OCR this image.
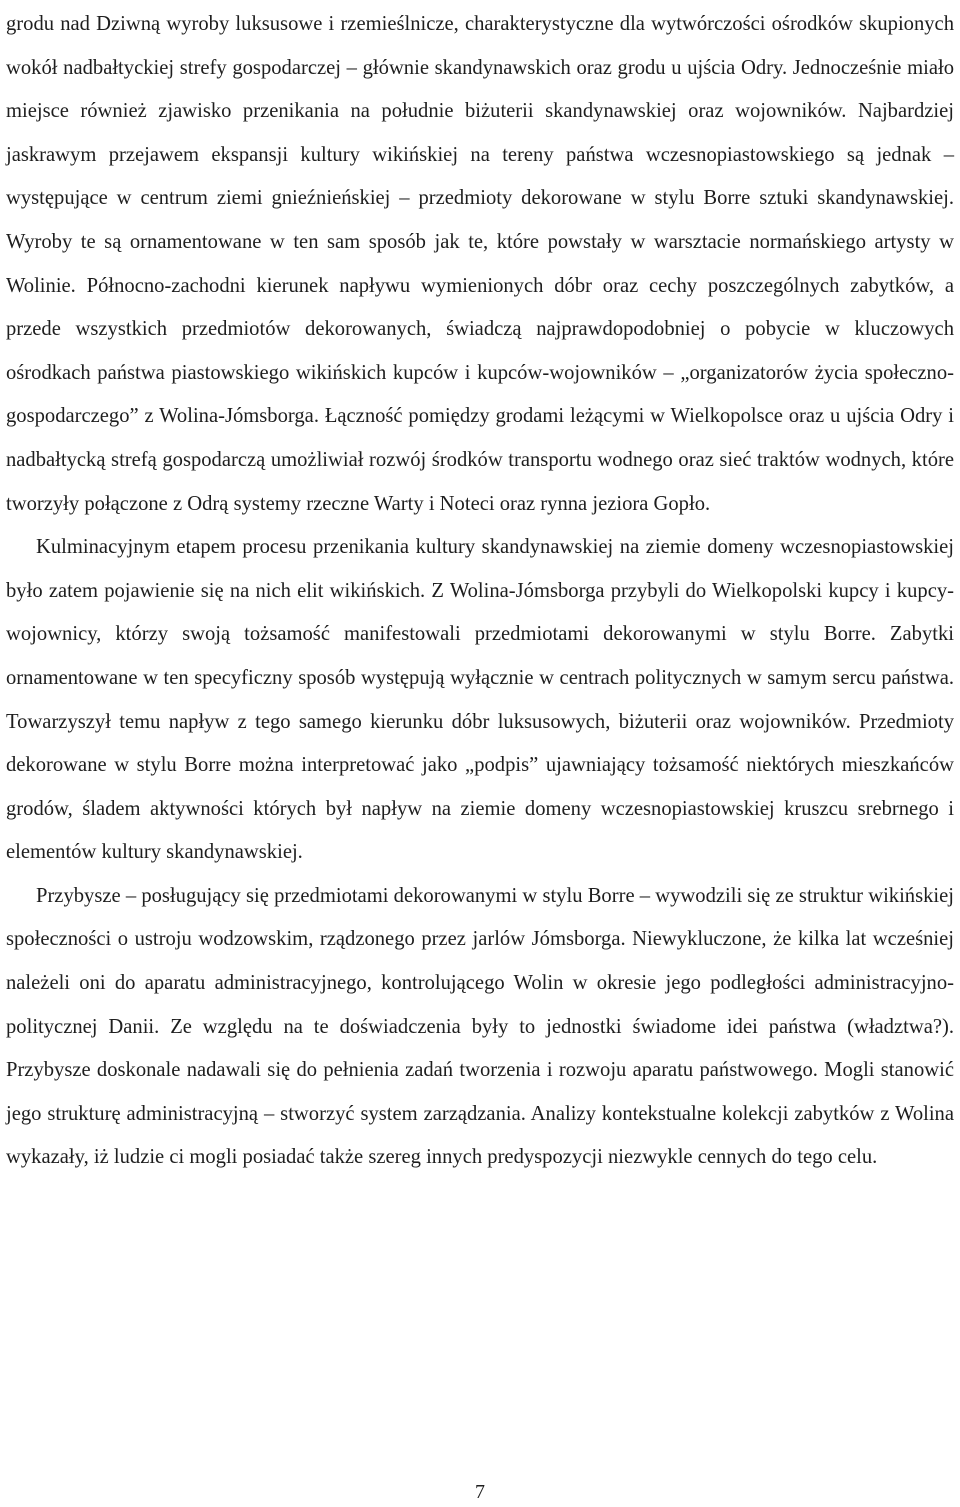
grodu nad Dziwną wyroby luksusowe i rzemieślnicze, charakterystyczne dla wytwórczości ośrodków skupionych wokół nadbałtyckiej strefy gospodarczej – głównie skandynawskich oraz grodu u ujścia Odry. Jednocześnie miało miejsce również zjawisko przenikania na południe biżuterii skandynawskiej oraz wojowników. Najbardziej jaskrawym przejawem ekspansji kultury wikińskiej na tereny państwa wczesnopiastowskiego są jednak – występujące w centrum ziemi gnieźnieńskiej – przedmioty dekorowane w stylu Borre sztuki skandynawskiej. Wyroby te są ornamentowane w ten sam sposób jak te, które powstały w warsztacie normańskiego artysty w Wolinie. Północno-zachodni kierunek napływu wymienionych dóbr oraz cechy poszczególnych zabytków, a przede wszystkich przedmiotów dekorowanych, świadczą najprawdopodobniej o pobycie w kluczowych ośrodkach państwa piastowskiego wikińskich kupców i kupców-wojowników – „organizatorów życia społeczno-gospodarczego” z Wolina-Jómsborga. Łączność pomiędzy grodami leżącymi w Wielkopolsce oraz u ujścia Odry i nadbałtycką strefą gospodarczą umożliwiał rozwój środków transportu wodnego oraz sieć traktów wodnych, które tworzyły połączone z Odrą systemy rzeczne Warty i Noteci oraz rynna jeziora Gopło.

Kulminacyjnym etapem procesu przenikania kultury skandynawskiej na ziemie domeny wczesnopiastowskiej było zatem pojawienie się na nich elit wikińskich. Z Wolina-Jómsborga przybyli do Wielkopolski kupcy i kupcy-wojownicy, którzy swoją tożsamość manifestowali przedmiotami dekorowanymi w stylu Borre. Zabytki ornamentowane w ten specyficzny sposób występują wyłącznie w centrach politycznych w samym sercu państwa. Towarzyszył temu napływ z tego samego kierunku dóbr luksusowych, biżuterii oraz wojowników. Przedmioty dekorowane w stylu Borre można interpretować jako „podpis” ujawniający tożsamość niektórych mieszkańców grodów, śladem aktywności których był napływ na ziemie domeny wczesnopiastowskiej kruszcu srebrnego i elementów kultury skandynawskiej.

Przybysze – posługujący się przedmiotami dekorowanymi w stylu Borre – wywodzili się ze struktur wikińskiej społeczności o ustroju wodzowskim, rządzonego przez jarlów Jómsborga. Niewykluczone, że kilka lat wcześniej należeli oni do aparatu administracyjnego, kontrolującego Wolin w okresie jego podległości administracyjno-politycznej Danii. Ze względu na te doświadczenia były to jednostki świadome idei państwa (władztwa?). Przybysze doskonale nadawali się do pełnienia zadań tworzenia i rozwoju aparatu państwowego. Mogli stanowić jego strukturę administracyjną – stworzyć system zarządzania. Analizy kontekstualne kolekcji zabytków z Wolina wykazały, iż ludzie ci mogli posiadać także szereg innych predyspozycji niezwykle cennych do tego celu.

7
